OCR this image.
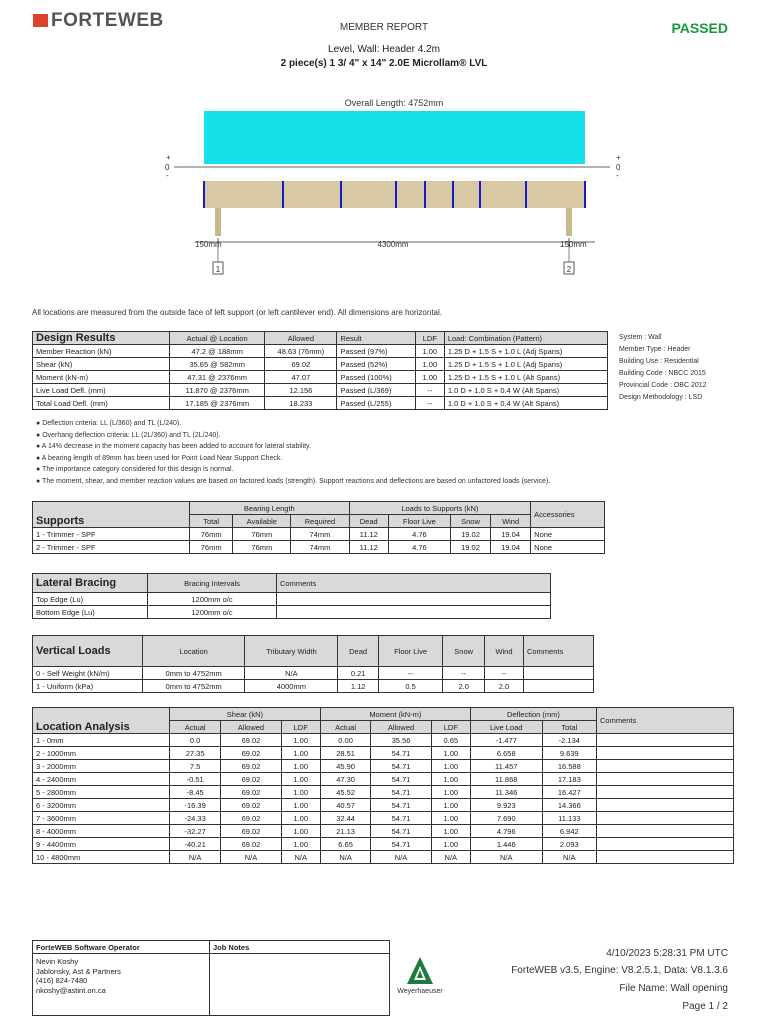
FORTEWEB	MEMBER REPORT	PASSED
Level, Wall: Header 4.2m
2 piece(s) 1 3/ 4" x 14" 2.0E Microllam® LVL
Overall Length: 4752mm
+
0
-
+
0
-
150mm	4300mm	150mm
1	2
All locations are measured from the outside face of left support (or left cantilever end). All dimensions are horizontal.
Design Results	Actual @ Location	Allowed	Result	LDF	Load: Combination (Pattern)
Member Reaction (kN)	47.2 @ 188mm	48.63 (76mm)	Passed (97%)	1.00	1.25 D + 1.5 S + 1.0 L (Adj Spans)
Shear (kN)	35.65 @ 582mm	69.02	Passed (52%)	1.00	1.25 D + 1.5 S + 1.0 L (Adj Spans)
Moment (kN-m)	47.31 @ 2376mm	47.07	Passed (100%)	1.00	1.25 D + 1.5 S + 1.0 L (Alt Spans)
Live Load Defl. (mm)	11.870 @ 2376mm	12.156	Passed (L/369)	--	1.0 D + 1.0 S + 0.4 W (Alt Spans)
Total Load Defl. (mm)	17.185 @ 2376mm	18.233	Passed (L/255)	--	1.0 D + 1.0 S + 0.4 W (Alt Spans)
System : Wall
Member Type : Header
Building Use : Residential
Building Code : NBCC 2015
Provincial Code : OBC 2012
Design Methodology : LSD
● Deflection criteria: LL (L/360) and TL (L/240).
● Overhang deflection criteria: LL (2L/360) and TL (2L/240).
● A 14% decrease in the moment capacity has been added to account for lateral stability.
● A bearing length of 89mm has been used for Point Load Near Support Check.
● The importance category considered for this design is normal.
● The moment, shear, and member reaction values are based on factored loads (strength). Support reactions and deflections are based on unfactored loads (service).
Supports	Bearing Length			Loads to Supports (kN)				Accessories
	Total	Available	Required	Dead	Floor Live	Snow	Wind	
1 - Trimmer - SPF	76mm	76mm	74mm	11.12	4.76	19.02	19.04	None
2 - Trimmer - SPF	76mm	76mm	74mm	11.12	4.76	19.02	19.04	None
Lateral Bracing	Bracing Intervals	Comments
Top Edge (Lu)	1200mm o/c	
Bottom Edge (Lu)	1200mm o/c	
Vertical Loads	Location	Tributary Width	Dead	Floor Live	Snow	Wind	Comments
0 - Self Weight (kN/m)	0mm to 4752mm	N/A	0.21	--	--	--	
1 - Uniform (kPa)	0mm to 4752mm	4000mm	1.12	0.5	2.0	2.0	
Location Analysis	Shear (kN)			Moment (kN-m)			Deflection (mm)		Comments
	Actual	Allowed	LDF	Actual	Allowed	LDF	Live Load	Total	
1 - 0mm	0.0	69.02	1.00	0.00	35.56	0.65	-1.477	-2.134	
2 - 1000mm	27.35	69.02	1.00	28.51	54.71	1.00	6.658	9.639	
3 - 2000mm	7.5	69.02	1.00	45.90	54.71	1.00	11.457	16.588	
4 - 2400mm	-0.51	69.02	1.00	47.30	54.71	1.00	11.868	17.183	
5 - 2800mm	-8.45	69.02	1.00	45.52	54.71	1.00	11.346	16.427	
6 - 3200mm	-16.39	69.02	1.00	40.57	54.71	1.00	9.923	14.366	
7 - 3600mm	-24.33	69.02	1.00	32.44	54.71	1.00	7.690	11.133	
8 - 4000mm	-32.27	69.02	1.00	21.13	54.71	1.00	4.796	6.942	
9 - 4400mm	-40.21	69.02	1.00	6.65	54.71	1.00	1.446	2.093	
10 - 4800mm	N/A	N/A	N/A	N/A	N/A	N/A	N/A	N/A	
ForteWEB Software Operator	Job Notes

Nevin Koshy
Jablonsky, Ast & Partners
(416) 824-7480
nkoshy@astint.on.ca	
		Weyerhaeuser
4/10/2023 5:28:31 PM UTC
ForteWEB v3.5, Engine: V8.2.5.1, Data: V8.1.3.6
File Name: Wall opening
Page 1 / 2
